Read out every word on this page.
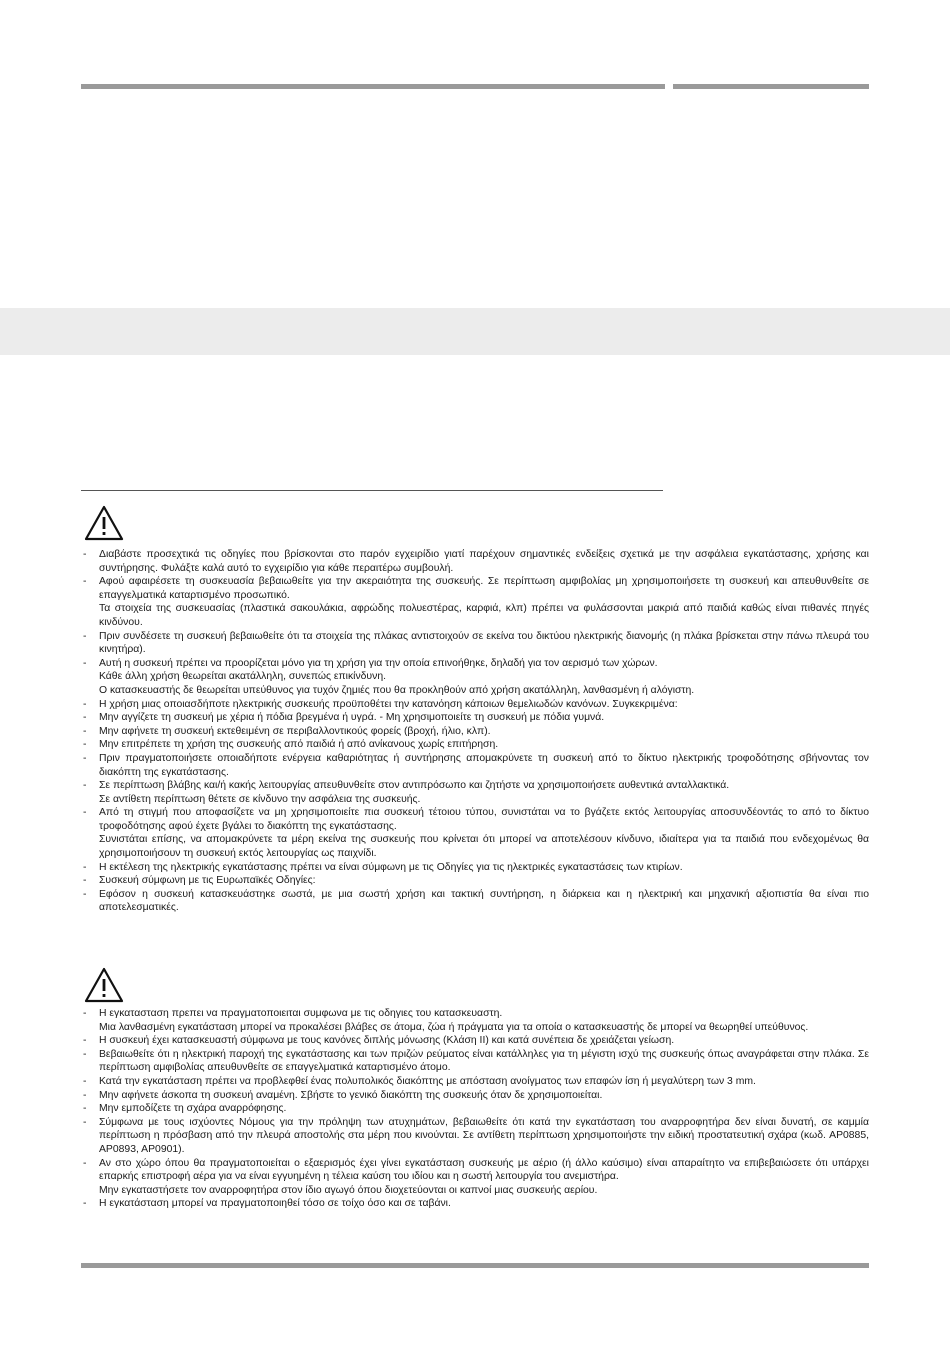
- Διαβάστε προσεχτικά τις οδηγίες που βρίσκονται στο παρόν εγχειρίδιο γιατί παρέχουν σημαντικές ενδείξεις σχετικά με την ασφάλεια εγκατάστασης, χρήσης και συντήρησης. Φυλάξτε καλά αυτό το εγχειρίδιο για κάθε περαιτέρω συμβουλή.
- Αφού αφαιρέσετε τη συσκευασία βεβαιωθείτε για την ακεραιότητα της συσκευής. Σε περίπτωση αμφιβολίας μη χρησιμοποιήσετε τη συσκευή και απευθυνθείτε σε επαγγελματικά καταρτισμένο προσωπικό.
Τα στοιχεία της συσκευασίας (πλαστικά σακουλάκια, αφρώδης πολυεστέρας, καρφιά, κλπ) πρέπει να φυλάσσονται μακριά από παιδιά καθώς είναι πιθανές πηγές κινδύνου.
- Πριν συνδέσετε τη συσκευή βεβαιωθείτε ότι τα στοιχεία της πλάκας αντιστοιχούν σε εκείνα του δικτύου ηλεκτρικής διανομής (η πλάκα βρίσκεται στην πάνω πλευρά του κινητήρα).
- Αυτή η συσκευή πρέπει να προορίζεται μόνο για τη χρήση για την οποία επινοήθηκε, δηλαδή για τον αερισμό των χώρων.
Κάθε άλλη χρήση θεωρείται ακατάλληλη, συνεπώς επικίνδυνη.
Ο κατασκευαστής δε θεωρείται υπεύθυνος για τυχόν ζημιές που θα προκληθούν από χρήση ακατάλληλη, λανθασμένη ή αλόγιστη.
- Η χρήση μιας οποιασδήποτε ηλεκτρικής συσκευής προϋποθέτει την κατανόηση κάποιων θεμελιωδών κανόνων. Συγκεκριμένα:
- Μην αγγίζετε τη συσκευή με χέρια ή πόδια βρεγμένα ή υγρά. - Μη χρησιμοποιείτε τη συσκευή με πόδια γυμνά.
- Μην αφήνετε τη συσκευή εκτεθειμένη σε περιβαλλοντικούς φορείς (βροχή, ήλιο, κλπ).
- Μην επιτρέπετε τη χρήση της συσκευής από παιδιά ή από ανίκανους χωρίς επιτήρηση.
- Πριν πραγματοποιήσετε οποιαδήποτε ενέργεια καθαριότητας ή συντήρησης απομακρύνετε τη συσκευή από το δίκτυο ηλεκτρικής τροφοδότησης σβήνοντας τον διακόπτη της εγκατάστασης.
- Σε περίπτωση βλάβης και/ή κακής λειτουργίας απευθυνθείτε στον αντιπρόσωπο και ζητήστε να χρησιμοποιήσετε αυθεντικά ανταλλακτικά.
Σε αντίθετη περίπτωση θέτετε σε κίνδυνο την ασφάλεια της συσκευής.
- Από τη στιγμή που αποφασίζετε να μη χρησιμοποιείτε πια συσκευή τέτοιου τύπου, συνιστάται να το βγάζετε εκτός λειτουργίας αποσυνδέοντάς το από το δίκτυο τροφοδότησης αφού έχετε βγάλει το διακόπτη της εγκατάστασης.
Συνιστάται επίσης, να απομακρύνετε τα μέρη εκείνα της συσκευής που κρίνεται ότι μπορεί να αποτελέσουν κίνδυνο, ιδιαίτερα για τα παιδιά που ενδεχομένως θα χρησιμοποιήσουν τη συσκευή εκτός λειτουργίας ως παιχνίδι.
- Η εκτέλεση της ηλεκτρικής εγκατάστασης πρέπει να είναι σύμφωνη με τις Οδηγίες για τις ηλεκτρικές εγκαταστάσεις των κτιρίων.
- Συσκευή σύμφωνη με τις Ευρωπαϊκές Οδηγίες:
- Εφόσον η συσκευή κατασκευάστηκε σωστά, με μια σωστή χρήση και τακτική συντήρηση, η διάρκεια και η ηλεκτρική και μηχανική αξιοπιστία θα είναι πιο αποτελεσματικές.
- Η εγκατασταση πρεπει να πραγματοποιειται συμφωνα με τις οδηγιες του κατασκευαστη.
Μια λανθασμένη εγκατάσταση μπορεί να προκαλέσει βλάβες σε άτομα, ζώα ή πράγματα για τα οποία ο κατασκευαστής δε μπορεί να θεωρηθεί υπεύθυνος.
- Η συσκευή έχει κατασκευαστή σύμφωνα με τους κανόνες διπλής μόνωσης (Κλάση ΙΙ) και κατά συνέπεια δε χρειάζεται γείωση.
- Βεβαιωθείτε ότι η ηλεκτρική παροχή της εγκατάστασης και των πριζών ρεύματος είναι κατάλληλες για τη μέγιστη ισχύ της συσκευής όπως αναγράφεται στην πλάκα. Σε περίπτωση αμφιβολίας απευθυνθείτε σε επαγγελματικά καταρτισμένο άτομο.
- Κατά την εγκατάσταση πρέπει να προβλεφθεί ένας πολυπολικός διακόπτης με απόσταση ανοίγματος των επαφών ίση ή μεγαλύτερη των 3 mm.
- Μην αφήνετε άσκοπα τη συσκευή αναμένη. Σβήστε το γενικό διακόπτη της συσκευής όταν δε χρησιμοποιείται.
- Μην εμποδίζετε τη σχάρα αναρρόφησης.
- Σύμφωνα με τους ισχύοντες Νόμους για την πρόληψη των ατυχημάτων, βεβαιωθείτε ότι κατά την εγκατάσταση του αναρροφητήρα δεν είναι δυνατή, σε καμμία περίπτωση η πρόσβαση από την πλευρά αποστολής στα μέρη που κινούνται. Σε αντίθετη περίπτωση χρησιμοποιήστε την ειδική προστατευτική σχάρα (κωδ. AP0885, AP0893, AP0901).
- Αν στο χώρο όπου θα πραγματοποιείται ο εξαερισμός έχει γίνει εγκατάσταση συσκευής με αέριο (ή άλλο καύσιμο) είναι απαραίτητο να επιβεβαιώσετε ότι υπάρχει επαρκής επιστροφή αέρα για να είναι εγγυημένη η τέλεια καύση του ιδίου και η σωστή λειτουργία του ανεμιστήρα.
Μην εγκαταστήσετε τον αναρροφητήρα στον ίδιο αγωγό όπου διοχετεύονται οι καπνοί μιας συσκευής αερίου.
- Η εγκατάσταση μπορεί να πραγματοποιηθεί τόσο σε τοίχο όσο και σε ταβάνι.
